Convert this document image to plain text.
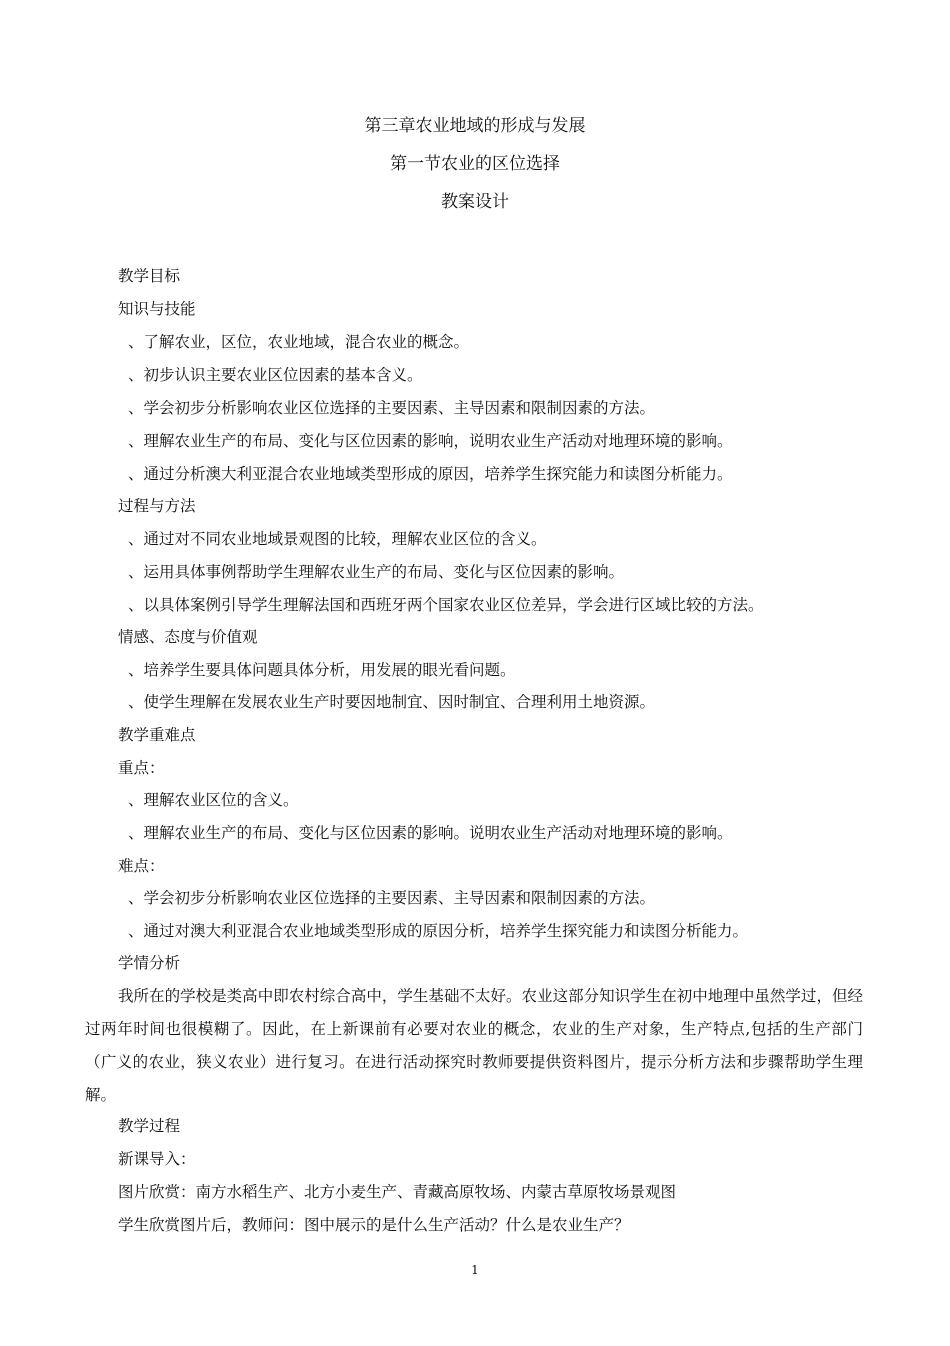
第三章农业地域的形成与发展
第一节农业的区位选择
教案设计
教学目标
知识与技能
、了解农业，区位，农业地域，混合农业的概念。
、初步认识主要农业区位因素的基本含义。
、学会初步分析影响农业区位选择的主要因素、主导因素和限制因素的方法。
、理解农业生产的布局、变化与区位因素的影响，说明农业生产活动对地理环境的影响。
、通过分析澳大利亚混合农业地域类型形成的原因，培养学生探究能力和读图分析能力。
过程与方法
、通过对不同农业地域景观图的比较，理解农业区位的含义。
、运用具体事例帮助学生理解农业生产的布局、变化与区位因素的影响。
、以具体案例引导学生理解法国和西班牙两个国家农业区位差异，学会进行区域比较的方法。
情感、态度与价值观
、培养学生要具体问题具体分析，用发展的眼光看问题。
、使学生理解在发展农业生产时要因地制宜、因时制宜、合理利用土地资源。
教学重难点
重点：
、理解农业区位的含义。
、理解农业生产的布局、变化与区位因素的影响。说明农业生产活动对地理环境的影响。
难点：
、学会初步分析影响农业区位选择的主要因素、主导因素和限制因素的方法。
、通过对澳大利亚混合农业地域类型形成的原因分析，培养学生探究能力和读图分析能力。
学情分析
我所在的学校是类高中即农村综合高中，学生基础不太好。农业这部分知识学生在初中地理中虽然学过，但经过两年时间也很模糊了。因此，在上新课前有必要对农业的概念，农业的生产对象，生产特点,包括的生产部门（广义的农业，狭义农业）进行复习。在进行活动探究时教师要提供资料图片，提示分析方法和步骤帮助学生理解。
教学过程
新课导入：
图片欣赏：南方水稻生产、北方小麦生产、青藏高原牧场、内蒙古草原牧场景观图
学生欣赏图片后，教师问：图中展示的是什么生产活动？什么是农业生产？
1
